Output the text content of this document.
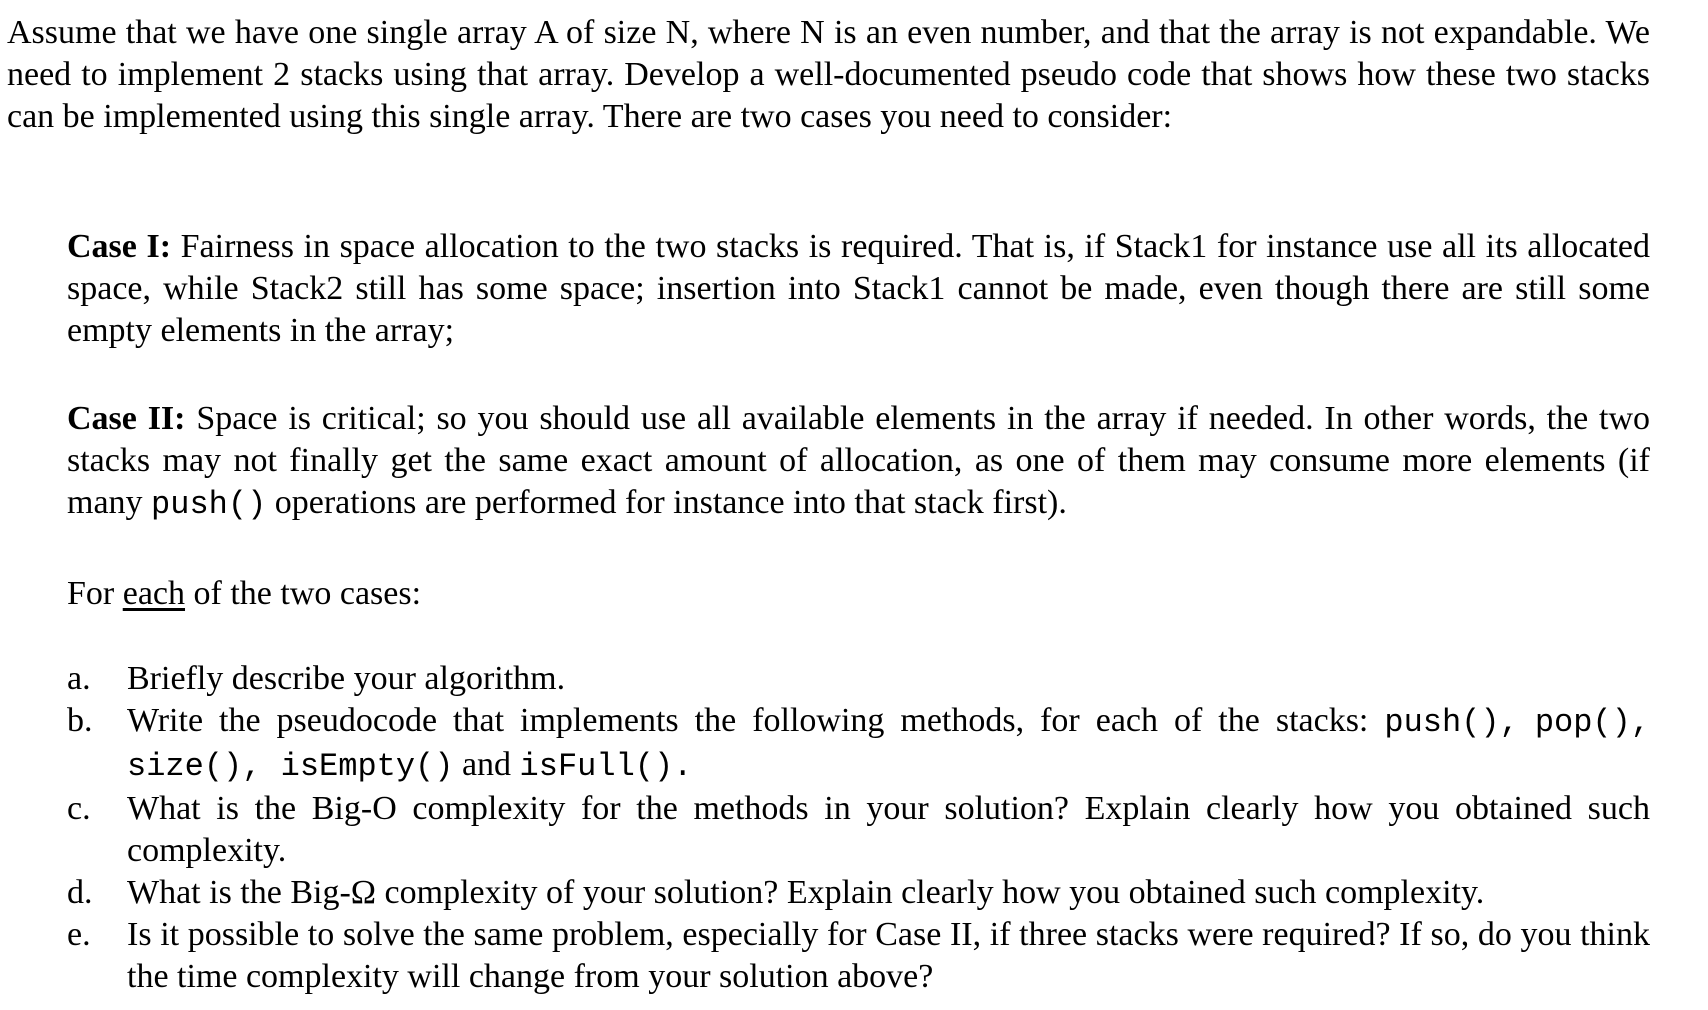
Assume that we have one single array A of size N, where N is an even number, and that the array is not expandable. We need to implement 2 stacks using that array. Develop a well-documented pseudo code that shows how these two stacks can be implemented using this single array. There are two cases you need to consider:

Case I: Fairness in space allocation to the two stacks is required. That is, if Stack1 for instance use all its allocated space, while Stack2 still has some space; insertion into Stack1 cannot be made, even though there are still some empty elements in the array;

Case II: Space is critical; so you should use all available elements in the array if needed. In other words, the two stacks may not finally get the same exact amount of allocation, as one of them may consume more elements (if many push() operations are performed for instance into that stack first).

For each of the two cases:

a.	Briefly describe your algorithm.
b.	Write the pseudocode that implements the following methods, for each of the stacks: push(), pop(), size(), isEmpty() and isFull().
c.	What is the Big-O complexity for the methods in your solution? Explain clearly how you obtained such complexity.
d.	What is the Big-Ω complexity of your solution? Explain clearly how you obtained such complexity.
e.	Is it possible to solve the same problem, especially for Case II, if three stacks were required? If so, do you think the time complexity will change from your solution above?
